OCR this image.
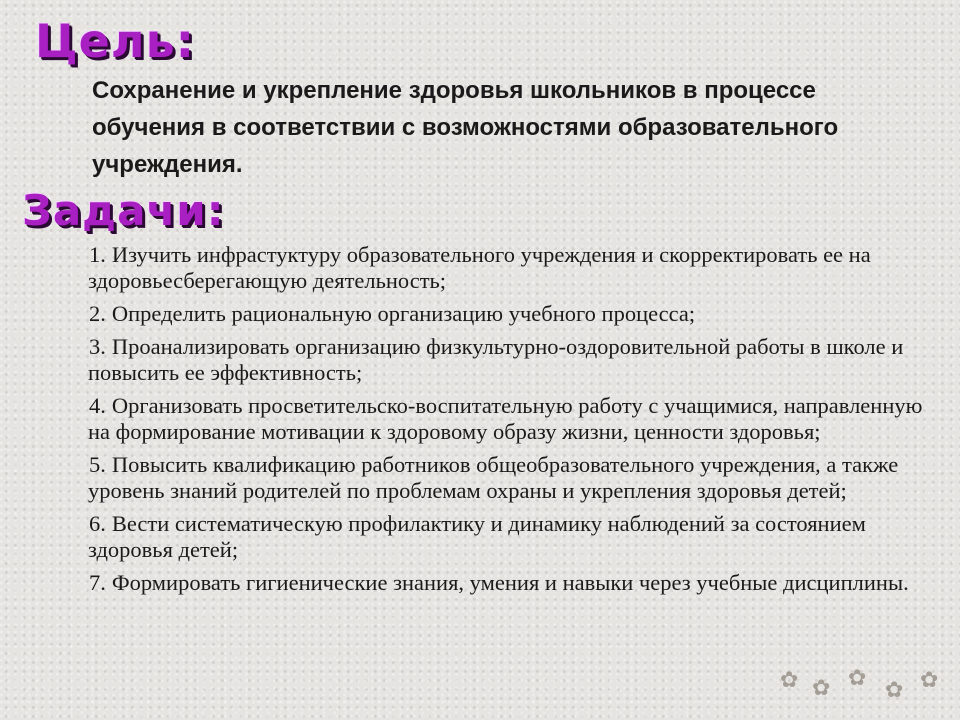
Цель:
Сохранение и укрепление здоровья школьников в процессе обучения в соответствии с возможностями образовательного учреждения.
Задачи:
1. Изучить инфрастуктуру образовательного учреждения и скорректировать ее на здоровьесберегающую деятельность;
2. Определить рациональную организацию учебного процесса;
3. Проанализировать организацию физкультурно-оздоровительной работы в школе и повысить ее эффективность;
4. Организовать просветительско-воспитательную работу с учащимися, направленную на формирование мотивации к здоровому образу жизни, ценности здоровья;
5. Повысить квалификацию работников общеобразовательного учреждения, а также уровень знаний родителей по проблемам охраны и укрепления здоровья детей;
6. Вести систематическую профилактику и динамику наблюдений за состоянием здоровья детей;
7. Формировать гигиенические знания, умения и навыки через учебные дисциплины.
✿ ✿ ✿ ✿ ✿
